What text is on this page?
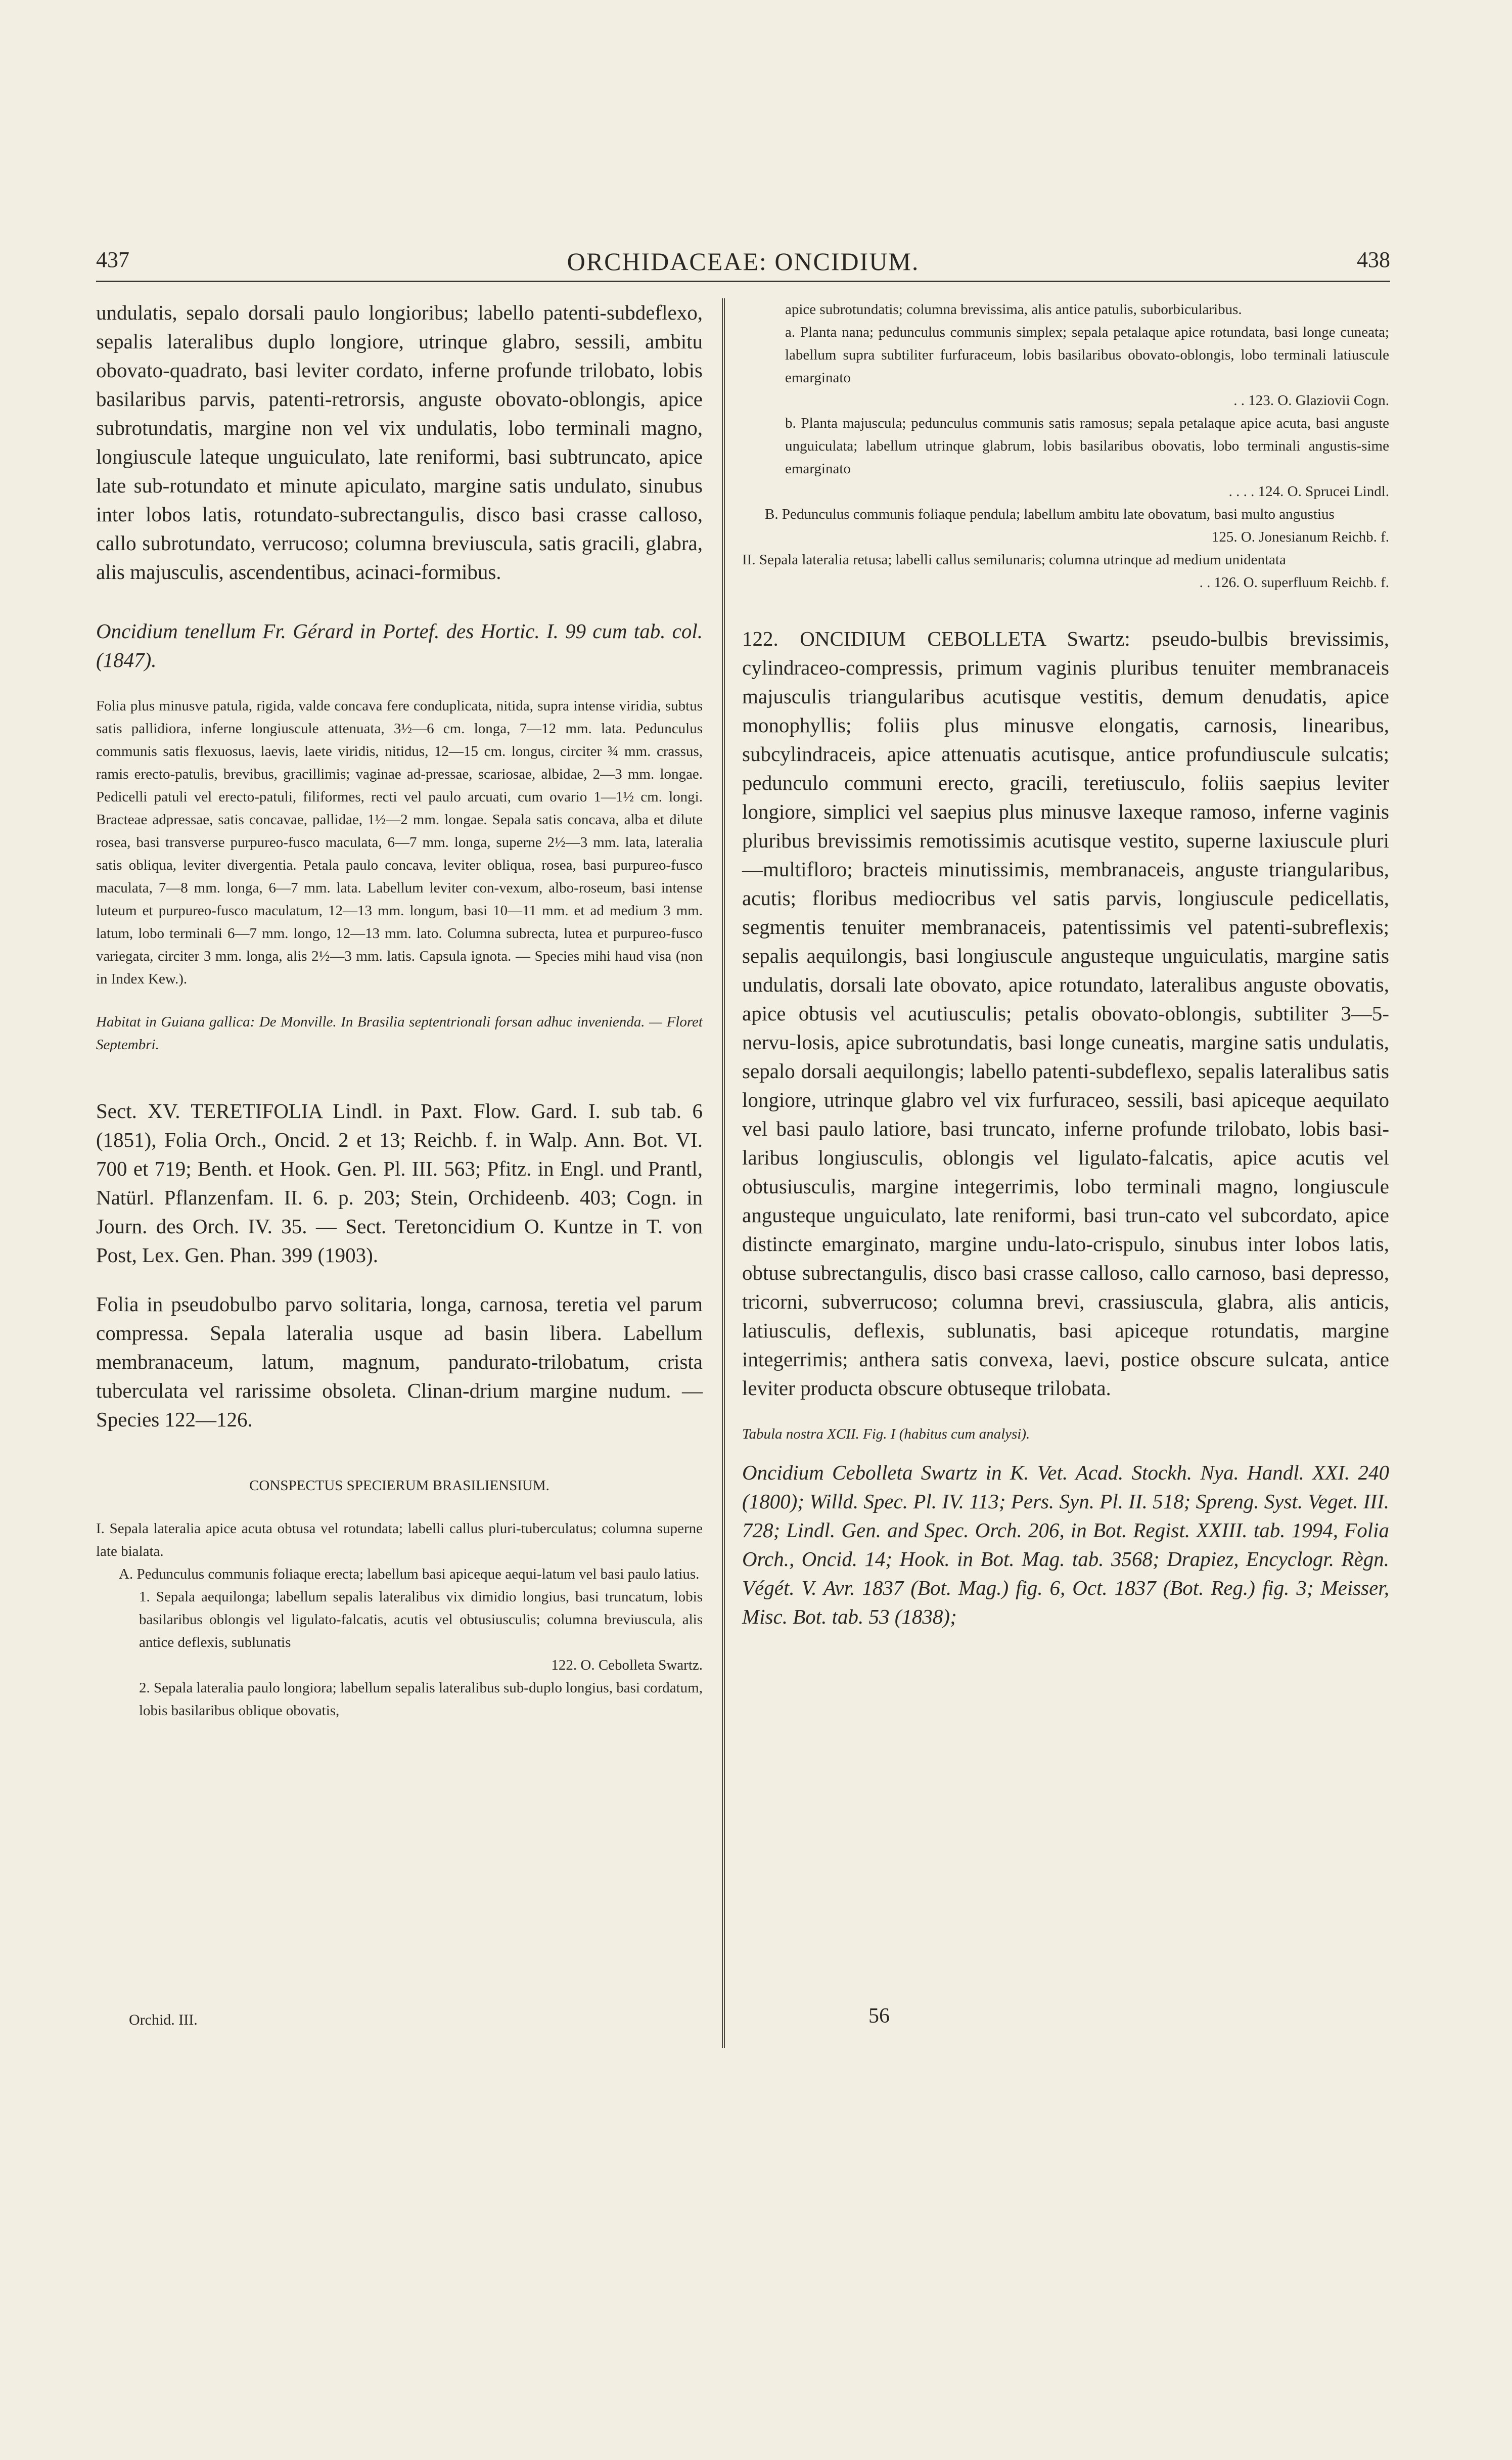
437	ORCHIDACEAE: ONCIDIUM.	438

undulatis, sepalo dorsali paulo longioribus; labello patenti-subdeflexo, sepalis lateralibus duplo longiore, utrinque glabro, sessili, ambitu obovato-quadrato, basi leviter cordato, inferne profunde trilobato, lobis basilaribus parvis, patenti-retrorsis, anguste obovato-oblongis, apice subrotundatis, margine non vel vix undulatis, lobo terminali magno, longiuscule lateque unguiculato, late reniformi, basi subtruncato, apice late sub-rotundato et minute apiculato, margine satis undulato, sinubus inter lobos latis, rotundato-subrectangulis, disco basi crasse calloso, callo subrotundato, verrucoso; columna breviuscula, satis gracili, glabra, alis majusculis, ascendentibus, acinaci-formibus.

Oncidium tenellum Fr. Gérard in Portef. des Hortic. I. 99 cum tab. col. (1847).

Folia plus minusve patula, rigida, valde concava fere conduplicata, nitida, supra intense viridia, subtus satis pallidiora, inferne longiuscule attenuata, 3½—6 cm. longa, 7—12 mm. lata. Pedunculus communis satis flexuosus, laevis, laete viridis, nitidus, 12—15 cm. longus, circiter ¾ mm. crassus, ramis erecto-patulis, brevibus, gracillimis; vaginae ad-pressae, scariosae, albidae, 2—3 mm. longae. Pedicelli patuli vel erecto-patuli, filiformes, recti vel paulo arcuati, cum ovario 1—1½ cm. longi. Bracteae adpressae, satis concavae, pallidae, 1½—2 mm. longae. Sepala satis concava, alba et dilute rosea, basi transverse purpureo-fusco maculata, 6—7 mm. longa, superne 2½—3 mm. lata, lateralia satis obliqua, leviter divergentia. Petala paulo concava, leviter obliqua, rosea, basi purpureo-fusco maculata, 7—8 mm. longa, 6—7 mm. lata. Labellum leviter con-vexum, albo-roseum, basi intense luteum et purpureo-fusco maculatum, 12—13 mm. longum, basi 10—11 mm. et ad medium 3 mm. latum, lobo terminali 6—7 mm. longo, 12—13 mm. lato. Columna subrecta, lutea et purpureo-fusco variegata, circiter 3 mm. longa, alis 2½—3 mm. latis. Capsula ignota. — Species mihi haud visa (non in Index Kew.).

Habitat in Guiana gallica: De Monville. In Brasilia septentrionali forsan adhuc invenienda. — Floret Septembri.

Sect. XV. TERETIFOLIA Lindl. in Paxt. Flow. Gard. I. sub tab. 6 (1851), Folia Orch., Oncid. 2 et 13; Reichb. f. in Walp. Ann. Bot. VI. 700 et 719; Benth. et Hook. Gen. Pl. III. 563; Pfitz. in Engl. und Prantl, Natürl. Pflanzenfam. II. 6. p. 203; Stein, Orchideenb. 403; Cogn. in Journ. des Orch. IV. 35. — Sect. Teretoncidium O. Kuntze in T. von Post, Lex. Gen. Phan. 399 (1903).

Folia in pseudobulbo parvo solitaria, longa, carnosa, teretia vel parum compressa. Sepala lateralia usque ad basin libera. Labellum membranaceum, latum, magnum, pandurato-trilobatum, crista tuberculata vel rarissime obsoleta. Clinan-drium margine nudum. — Species 122—126.

CONSPECTUS SPECIERUM BRASILIENSIUM.

I. Sepala lateralia apice acuta obtusa vel rotundata; labelli callus pluri-tuberculatus; columna superne late bialata.

A. Pedunculus communis foliaque erecta; labellum basi apiceque aequi-latum vel basi paulo latius.

1. Sepala aequilonga; labellum sepalis lateralibus vix dimidio longius, basi truncatum, lobis basilaribus oblongis vel ligulato-falcatis, acutis vel obtusiusculis; columna breviuscula, alis antice deflexis, sublunatis

122. O. Cebolleta Swartz.

2. Sepala lateralia paulo longiora; labellum sepalis lateralibus sub-duplo longius, basi cordatum, lobis basilaribus oblique obovatis,

apice subrotundatis; columna brevissima, alis antice patulis, suborbicularibus.

a. Planta nana; pedunculus communis simplex; sepala petalaque apice rotundata, basi longe cuneata; labellum supra subtiliter furfuraceum, lobis basilaribus obovato-oblongis, lobo terminali latiuscule emarginato

. . 123. O. Glaziovii Cogn.

b. Planta majuscula; pedunculus communis satis ramosus; sepala petalaque apice acuta, basi anguste unguiculata; labellum utrinque glabrum, lobis basilaribus obovatis, lobo terminali angustis-sime emarginato

. . . . 124. O. Sprucei Lindl.

B. Pedunculus communis foliaque pendula; labellum ambitu late obovatum, basi multo angustius

125. O. Jonesianum Reichb. f.

II. Sepala lateralia retusa; labelli callus semilunaris; columna utrinque ad medium unidentata

. . 126. O. superfluum Reichb. f.

122. ONCIDIUM CEBOLLETA Swartz: pseudo-bulbis brevissimis, cylindraceo-compressis, primum vaginis pluribus tenuiter membranaceis majusculis triangularibus acutisque vestitis, demum denudatis, apice monophyllis; foliis plus minusve elongatis, carnosis, linearibus, subcylindraceis, apice attenuatis acutisque, antice profundiuscule sulcatis; pedunculo communi erecto, gracili, teretiusculo, foliis saepius leviter longiore, simplici vel saepius plus minusve laxeque ramoso, inferne vaginis pluribus brevissimis remotissimis acutisque vestito, superne laxiuscule pluri—multifloro; bracteis minutissimis, membranaceis, anguste triangularibus, acutis; floribus mediocribus vel satis parvis, longiuscule pedicellatis, segmentis tenuiter membranaceis, patentissimis vel patenti-subreflexis; sepalis aequilongis, basi longiuscule angusteque unguiculatis, margine satis undulatis, dorsali late obovato, apice rotundato, lateralibus anguste obovatis, apice obtusis vel acutiusculis; petalis obovato-oblongis, subtiliter 3—5-nervu-losis, apice subrotundatis, basi longe cuneatis, margine satis undulatis, sepalo dorsali aequilongis; labello patenti-subdeflexo, sepalis lateralibus satis longiore, utrinque glabro vel vix furfuraceo, sessili, basi apiceque aequilato vel basi paulo latiore, basi truncato, inferne profunde trilobato, lobis basi-laribus longiusculis, oblongis vel ligulato-falcatis, apice acutis vel obtusiusculis, margine integerrimis, lobo terminali magno, longiuscule angusteque unguiculato, late reniformi, basi trun-cato vel subcordato, apice distincte emarginato, margine undu-lato-crispulo, sinubus inter lobos latis, obtuse subrectangulis, disco basi crasse calloso, callo carnoso, basi depresso, tricorni, subverrucoso; columna brevi, crassiuscula, glabra, alis anticis, latiusculis, deflexis, sublunatis, basi apiceque rotundatis, margine integerrimis; anthera satis convexa, laevi, postice obscure sulcata, antice leviter producta obscure obtuseque trilobata.

Tabula nostra XCII. Fig. I (habitus cum analysi).

Oncidium Cebolleta Swartz in K. Vet. Acad. Stockh. Nya. Handl. XXI. 240 (1800); Willd. Spec. Pl. IV. 113; Pers. Syn. Pl. II. 518; Spreng. Syst. Veget. III. 728; Lindl. Gen. and Spec. Orch. 206, in Bot. Regist. XXIII. tab. 1994, Folia Orch., Oncid. 14; Hook. in Bot. Mag. tab. 3568; Drapiez, Encyclogr. Règn. Végét. V. Avr. 1837 (Bot. Mag.) fig. 6, Oct. 1837 (Bot. Reg.) fig. 3; Meisser, Misc. Bot. tab. 53 (1838);

Orchid. III.	56
